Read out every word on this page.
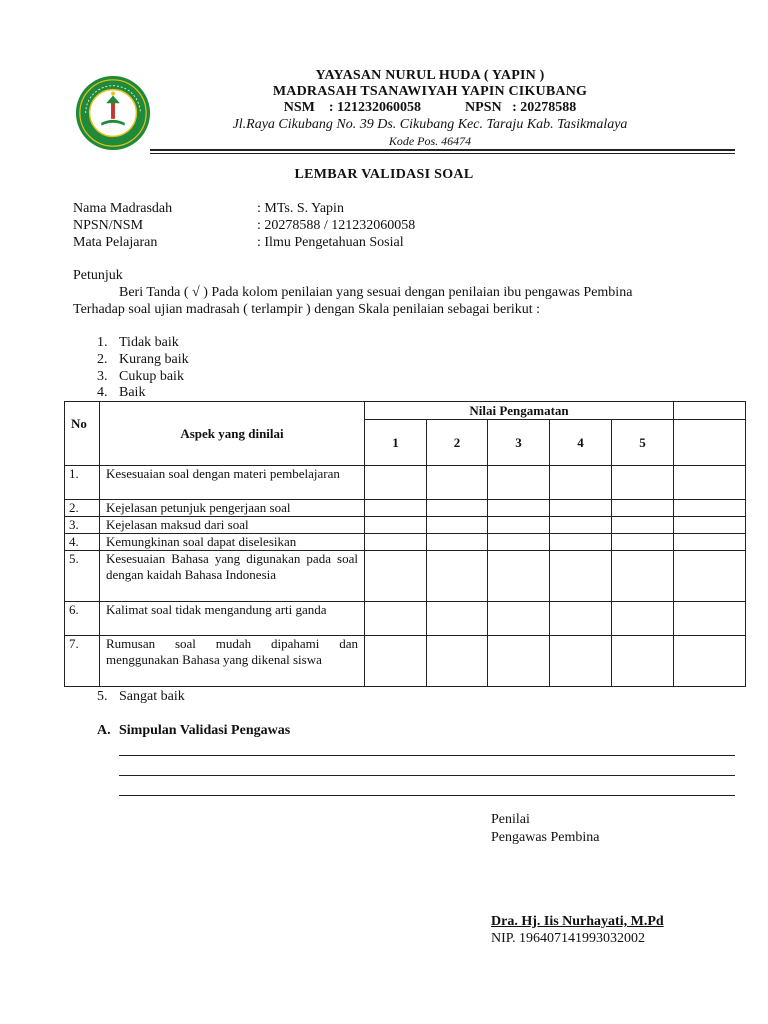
YAYASAN NURUL HUDA ( YAPIN )
MADRASAH TSANAWIYAH YAPIN CIKUBANG
NSM : 121232060058	NPSN : 20278588
Jl.Raya Cikubang No. 39 Ds. Cikubang Kec. Taraju Kab. Tasikmalaya
Kode Pos. 46474
LEMBAR VALIDASI SOAL
Nama Madrasdah	: MTs. S. Yapin
NPSN/NSM	: 20278588 / 121232060058
Mata Pelajaran	: Ilmu Pengetahuan Sosial
Petunjuk
Beri Tanda ( √ ) Pada kolom penilaian yang sesuai dengan penilaian ibu pengawas Pembina
Terhadap soal ujian madrasah ( terlampir ) dengan Skala penilaian sebagai berikut :
1. Tidak baik
2. Kurang baik
3. Cukup baik
4. Baik
No	Aspek yang dinilai	Nilai Pengamatan					
		1	2	3	4	5	
1.	Kesesuaian soal dengan materi pembelajaran						
2.	Kejelasan petunjuk pengerjaan soal						
3.	Kejelasan maksud dari soal						
4.	Kemungkinan soal dapat diselesikan						
5.	Kesesuaian Bahasa yang digunakan pada soal dengan kaidah Bahasa Indonesia						
6.	Kalimat soal tidak mengandung arti ganda						
7.	Rumusan soal mudah dipahami dan menggunakan Bahasa yang dikenal siswa						
5. Sangat baik
A. Simpulan Validasi Pengawas
Penilai
Pengawas Pembina
Dra. Hj. Iis Nurhayati, M.Pd
NIP. 196407141993032002
